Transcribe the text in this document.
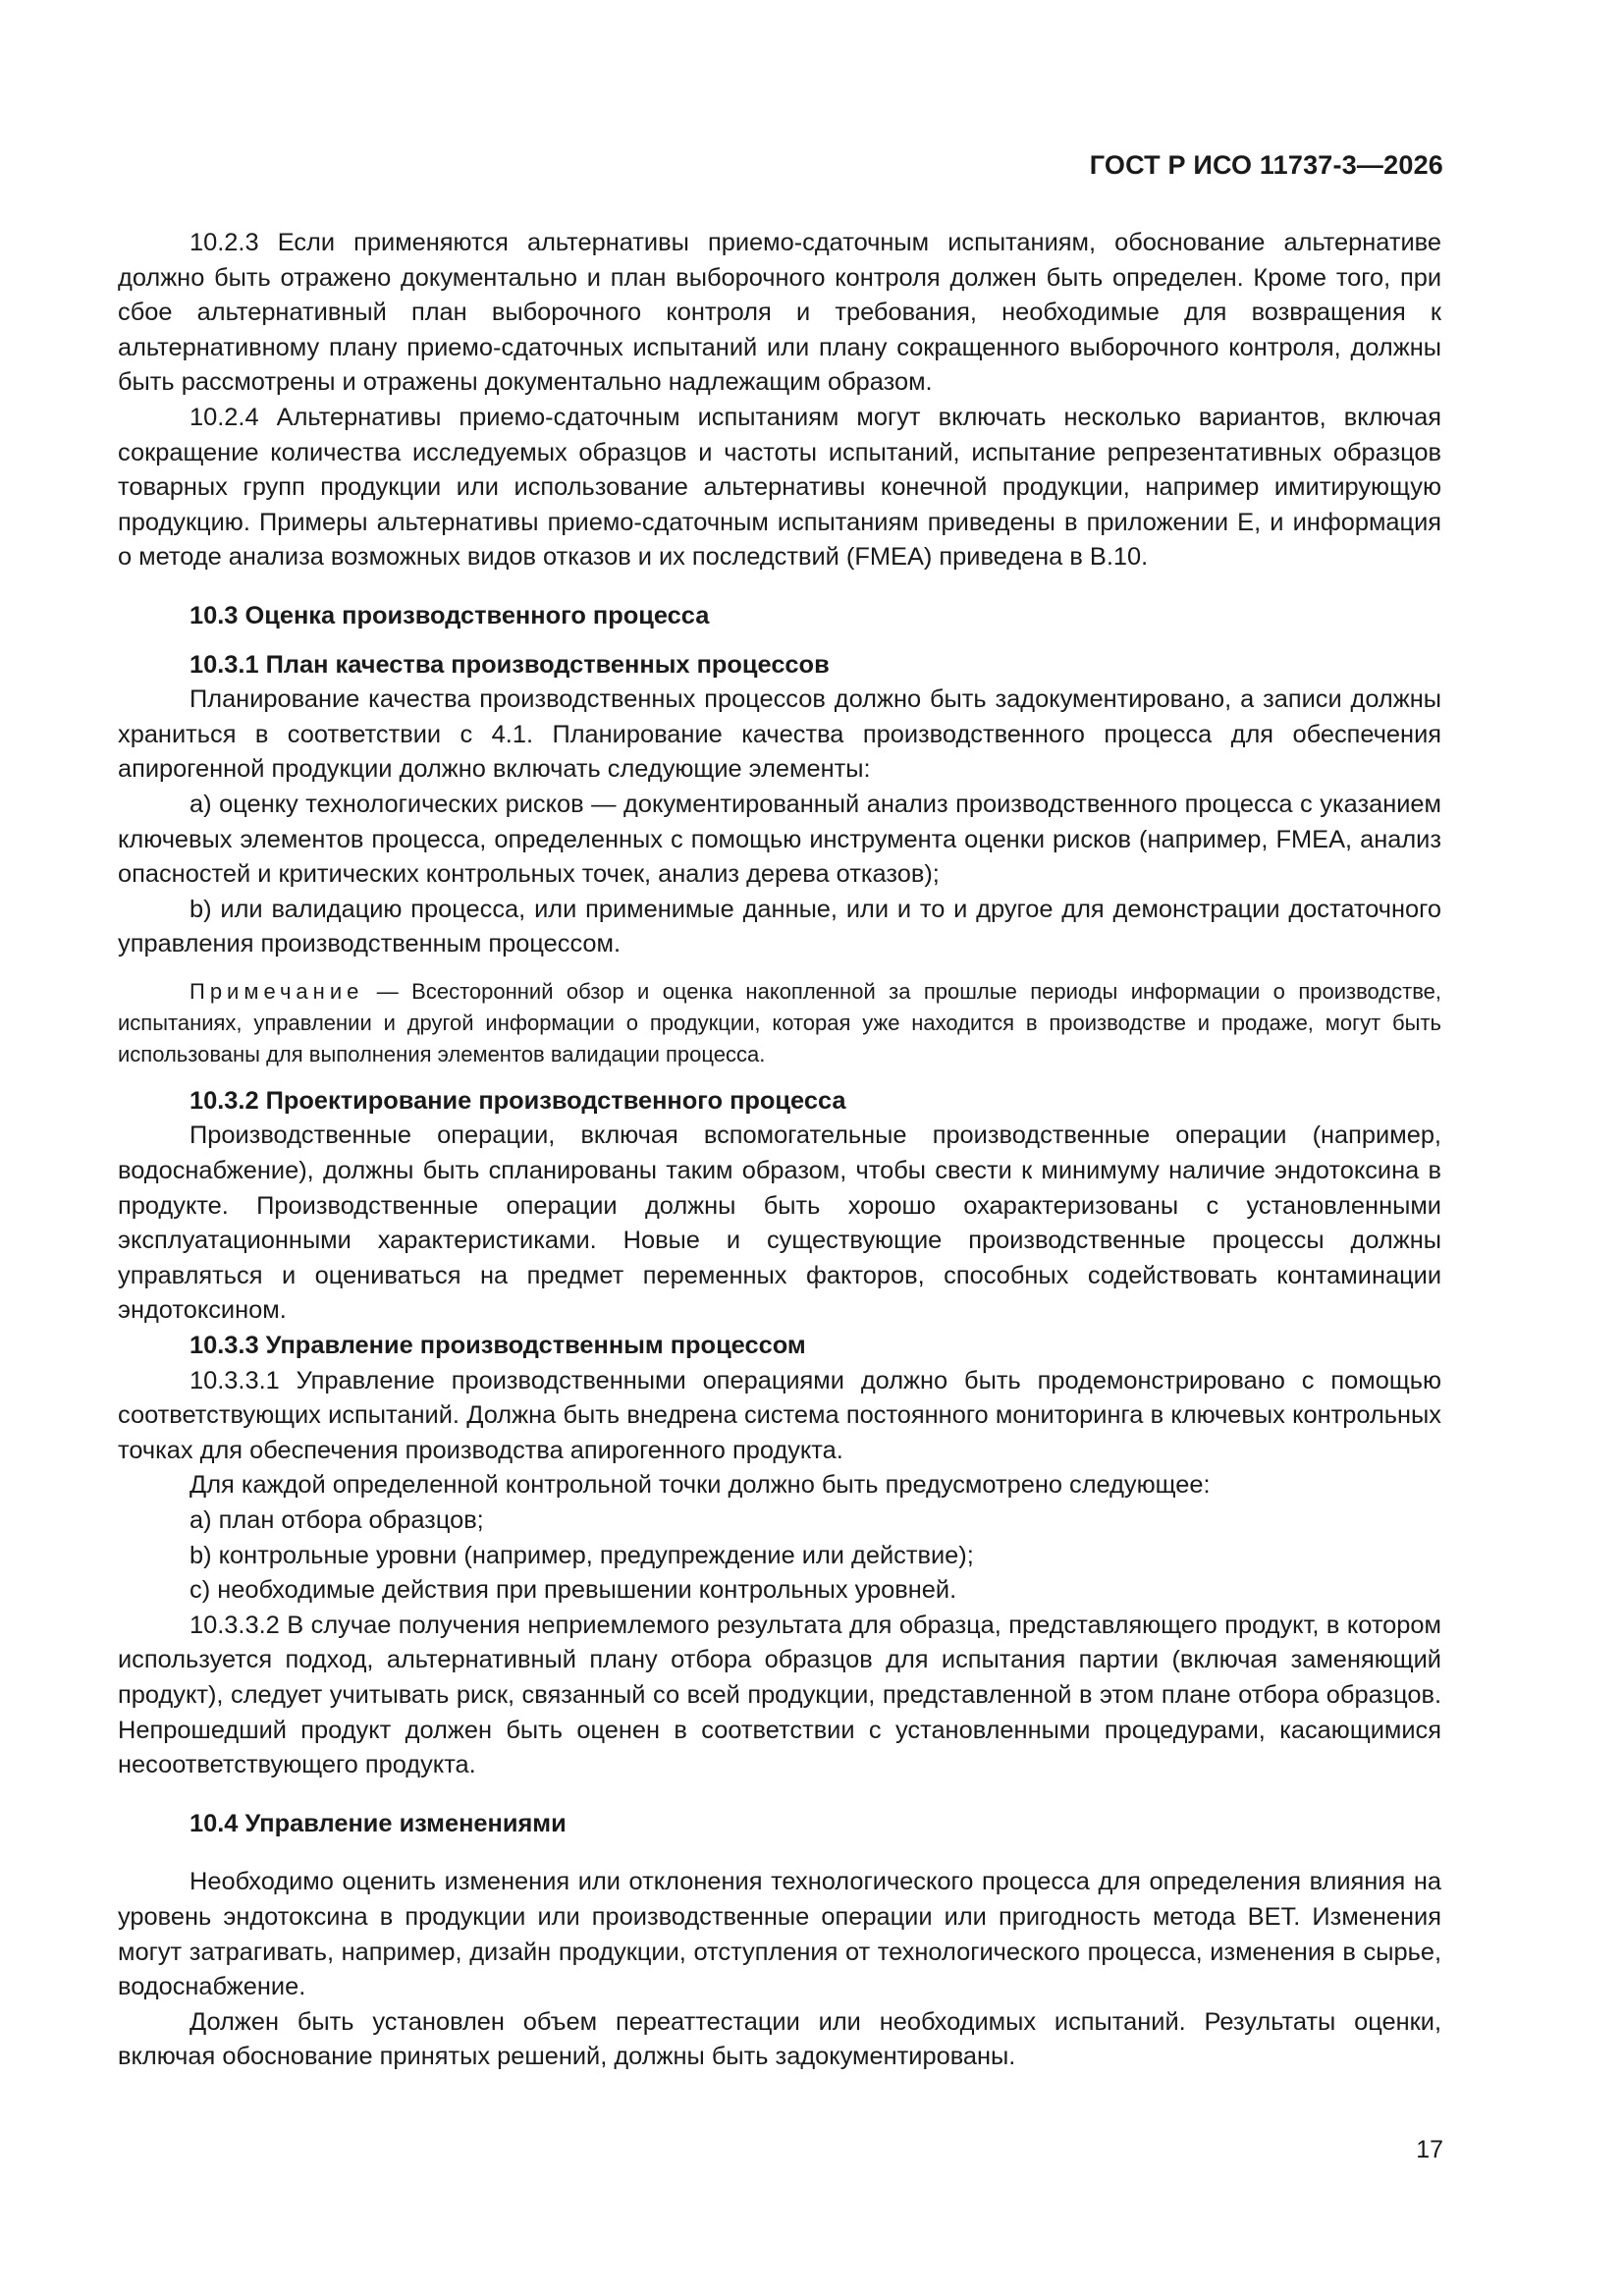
ГОСТ Р ИСО 11737-3—2026

10.2.3 Если применяются альтернативы приемо-сдаточным испытаниям, обоснование альтернативе должно быть отражено документально и план выборочного контроля должен быть определен. Кроме того, при сбое альтернативный план выборочного контроля и требования, необходимые для возвращения к альтернативному плану приемо-сдаточных испытаний или плану сокращенного выборочного контроля, должны быть рассмотрены и отражены документально надлежащим образом.

10.2.4 Альтернативы приемо-сдаточным испытаниям могут включать несколько вариантов, включая сокращение количества исследуемых образцов и частоты испытаний, испытание репрезентативных образцов товарных групп продукции или использование альтернативы конечной продукции, например имитирующую продукцию. Примеры альтернативы приемо-сдаточным испытаниям приведены в приложении Е, и информация о методе анализа возможных видов отказов и их последствий (FMEA) приведена в В.10.

10.3 Оценка производственного процесса
10.3.1 План качества производственных процессов

Планирование качества производственных процессов должно быть задокументировано, а записи должны храниться в соответствии с 4.1. Планирование качества производственного процесса для обеспечения апирогенной продукции должно включать следующие элементы:

а) оценку технологических рисков — документированный анализ производственного процесса с указанием ключевых элементов процесса, определенных с помощью инструмента оценки рисков (например, FMEA, анализ опасностей и критических контрольных точек, анализ дерева отказов);

b) или валидацию процесса, или применимые данные, или и то и другое для демонстрации достаточного управления производственным процессом.

Примечание — Всесторонний обзор и оценка накопленной за прошлые периоды информации о производстве, испытаниях, управлении и другой информации о продукции, которая уже находится в производстве и продаже, могут быть использованы для выполнения элементов валидации процесса.

10.3.2 Проектирование производственного процесса

Производственные операции, включая вспомогательные производственные операции (например, водоснабжение), должны быть спланированы таким образом, чтобы свести к минимуму наличие эндотоксина в продукте. Производственные операции должны быть хорошо охарактеризованы с установленными эксплуатационными характеристиками. Новые и существующие производственные процессы должны управляться и оцениваться на предмет переменных факторов, способных содействовать контаминации эндотоксином.

10.3.3 Управление производственным процессом

10.3.3.1 Управление производственными операциями должно быть продемонстрировано с помощью соответствующих испытаний. Должна быть внедрена система постоянного мониторинга в ключевых контрольных точках для обеспечения производства апирогенного продукта.

Для каждой определенной контрольной точки должно быть предусмотрено следующее:

a) план отбора образцов;

b) контрольные уровни (например, предупреждение или действие);

c) необходимые действия при превышении контрольных уровней.

10.3.3.2 В случае получения неприемлемого результата для образца, представляющего продукт, в котором используется подход, альтернативный плану отбора образцов для испытания партии (включая заменяющий продукт), следует учитывать риск, связанный со всей продукции, представленной в этом плане отбора образцов. Непрошедший продукт должен быть оценен в соответствии с установленными процедурами, касающимися несоответствующего продукта.

10.4 Управление изменениями

Необходимо оценить изменения или отклонения технологического процесса для определения влияния на уровень эндотоксина в продукции или производственные операции или пригодность метода ВЕТ. Изменения могут затрагивать, например, дизайн продукции, отступления от технологического процесса, изменения в сырье, водоснабжение.

Должен быть установлен объем переаттестации или необходимых испытаний. Результаты оценки, включая обоснование принятых решений, должны быть задокументированы.

17
